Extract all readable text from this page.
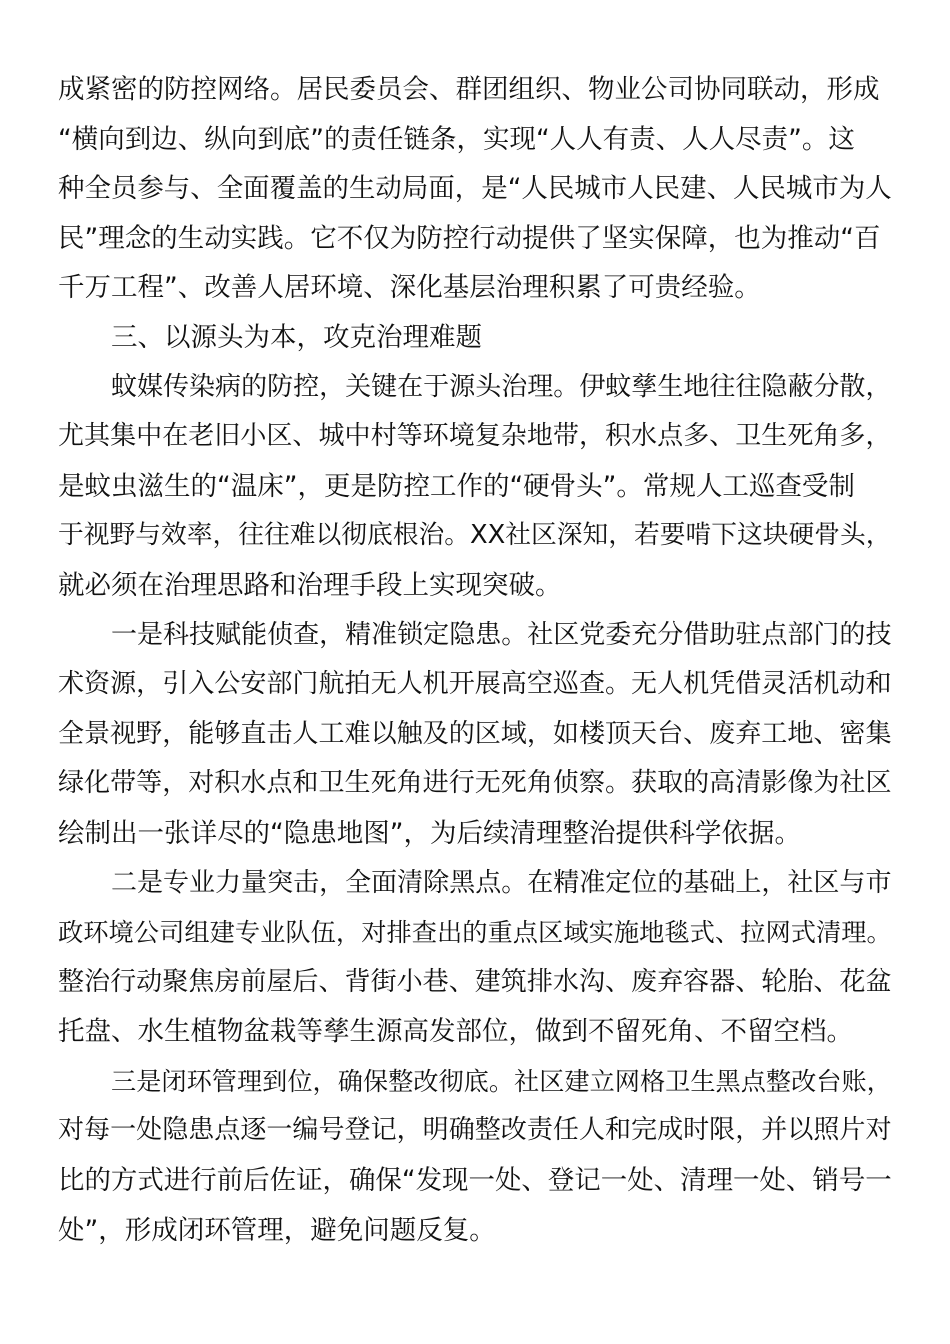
成紧密的防控网络。居民委员会、群团组织、物业公司协同联动，形成
“横向到边、纵向到底”的责任链条，实现“人人有责、人人尽责”。这
种全员参与、全面覆盖的生动局面，是“人民城市人民建、人民城市为人
民”理念的生动实践。它不仅为防控行动提供了坚实保障，也为推动“百
千万工程”、改善人居环境、深化基层治理积累了可贵经验。
三、以源头为本，攻克治理难题
蚊媒传染病的防控，关键在于源头治理。伊蚊孳生地往往隐蔽分散，
尤其集中在老旧小区、城中村等环境复杂地带，积水点多、卫生死角多，
是蚊虫滋生的“温床”，更是防控工作的“硬骨头”。常规人工巡查受制
于视野与效率，往往难以彻底根治。XX社区深知，若要啃下这块硬骨头，
就必须在治理思路和治理手段上实现突破。
一是科技赋能侦查，精准锁定隐患。社区党委充分借助驻点部门的技
术资源，引入公安部门航拍无人机开展高空巡查。无人机凭借灵活机动和
全景视野，能够直击人工难以触及的区域，如楼顶天台、废弃工地、密集
绿化带等，对积水点和卫生死角进行无死角侦察。获取的高清影像为社区
绘制出一张详尽的“隐患地图”，为后续清理整治提供科学依据。
二是专业力量突击，全面清除黑点。在精准定位的基础上，社区与市
政环境公司组建专业队伍，对排查出的重点区域实施地毯式、拉网式清理。
整治行动聚焦房前屋后、背街小巷、建筑排水沟、废弃容器、轮胎、花盆
托盘、水生植物盆栽等孳生源高发部位，做到不留死角、不留空档。
三是闭环管理到位，确保整改彻底。社区建立网格卫生黑点整改台账，
对每一处隐患点逐一编号登记，明确整改责任人和完成时限，并以照片对
比的方式进行前后佐证，确保“发现一处、登记一处、清理一处、销号一
处”，形成闭环管理，避免问题反复。
